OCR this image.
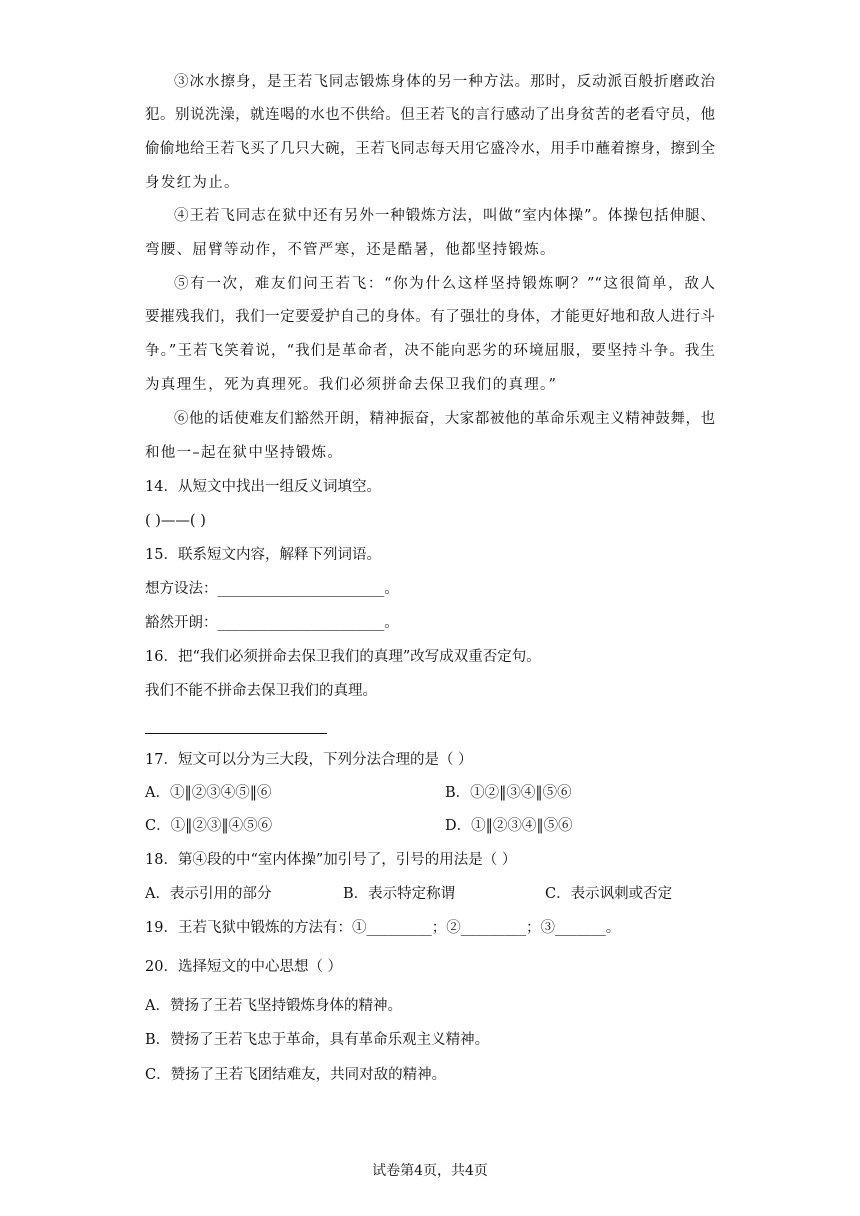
③冰水擦身，是王若飞同志锻炼身体的另一种方法。那时，反动派百般折磨政治
犯。别说洗澡，就连喝的水也不供给。但王若飞的言行感动了出身贫苦的老看守员，他
偷偷地给王若飞买了几只大碗，王若飞同志每天用它盛冷水，用手巾蘸着擦身，擦到全
身发红为止。
④王若飞同志在狱中还有另外一种锻炼方法，叫做“室内体操”。体操包括伸腿、
弯腰、屈臂等动作，不管严寒，还是酷暑，他都坚持锻炼。
⑤有一次，难友们问王若飞：“你为什么这样坚持锻炼啊？”“这很简单，敌人
要摧残我们，我们一定要爱护自己的身体。有了强壮的身体，才能更好地和敌人进行斗
争。”王若飞笑着说，“我们是革命者，决不能向恶劣的环境屈服，要坚持斗争。我生
为真理生，死为真理死。我们必须拼命去保卫我们的真理。”
⑥他的话使难友们豁然开朗，精神振奋，大家都被他的革命乐观主义精神鼓舞，也
和他一–起在狱中坚持锻炼。
14．从短文中找出一组反义词填空。
( )——( )
15．联系短文内容，解释下列词语。
想方设法：_______________________。
豁然开朗：_______________________。
16．把“我们必须拼命去保卫我们的真理”改写成双重否定句。
我们不能不拼命去保卫我们的真理。
17．短文可以分为三大段，下列分法合理的是（ ）
A．①‖②③④⑤‖⑥	B．①②‖③④‖⑤⑥
C．①‖②③‖④⑤⑥	D．①‖②③④‖⑤⑥
18．第④段的中“室内体操”加引号了，引号的用法是（ ）
A．表示引用的部分	B．表示特定称谓	C．表示讽刺或否定
19．王若飞狱中锻炼的方法有：①_________；②_________；③_______。
20．选择短文的中心思想（ ）
A．赞扬了王若飞坚持锻炼身体的精神。
B．赞扬了王若飞忠于革命，具有革命乐观主义精神。
C．赞扬了王若飞团结难友，共同对敌的精神。
试卷第4页，共4页
